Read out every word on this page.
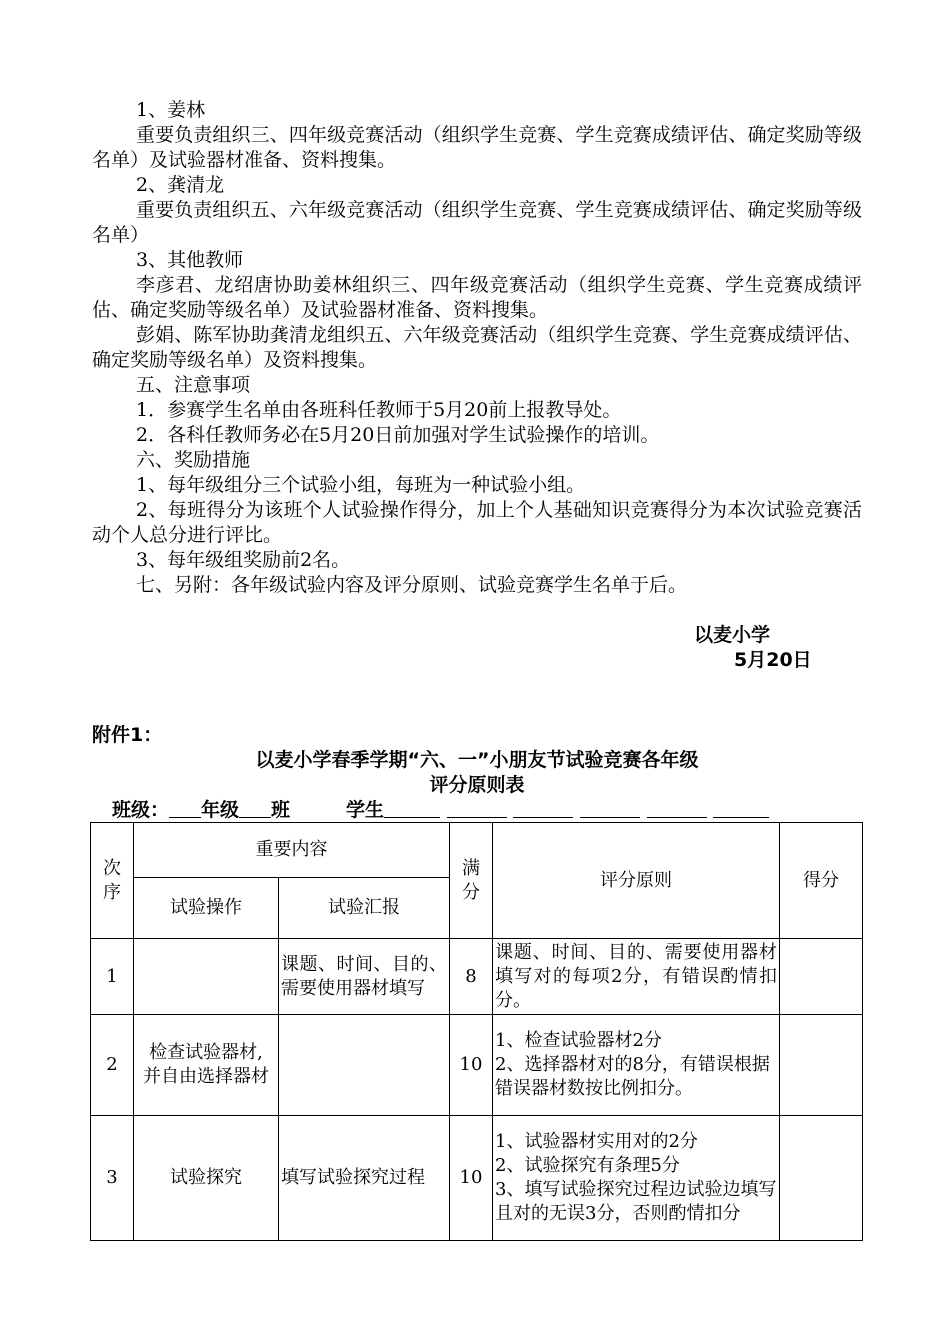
1、姜林
重要负责组织三、四年级竞赛活动（组织学生竞赛、学生竞赛成绩评估、确定奖励等级名单）及试验器材准备、资料搜集。
2、龚清龙
重要负责组织五、六年级竞赛活动（组织学生竞赛、学生竞赛成绩评估、确定奖励等级名单）
3、其他教师
李彦君、龙绍唐协助姜林组织三、四年级竞赛活动（组织学生竞赛、学生竞赛成绩评估、确定奖励等级名单）及试验器材准备、资料搜集。
彭娟、陈军协助龚清龙组织五、六年级竞赛活动（组织学生竞赛、学生竞赛成绩评估、确定奖励等级名单）及资料搜集。
五、注意事项
1．参赛学生名单由各班科任教师于5月20前上报教导处。
2．各科任教师务必在5月20日前加强对学生试验操作的培训。
六、奖励措施
1、每年级组分三个试验小组，每班为一种试验小组。
2、每班得分为该班个人试验操作得分，加上个人基础知识竞赛得分为本次试验竞赛活动个人总分进行评比。
3、每年级组奖励前2名。
七、另附：各年级试验内容及评分原则、试验竞赛学生名单于后。
以麦小学
5月20日
附件1：
以麦小学春季学期“六、一”小朋友节试验竞赛各年级
评分原则表
班级： 年级 班	学生
次序	重要内容		满分	评分原则	得分
	试验操作	试验汇报			
1		课题、时间、目的、需要使用器材填写	8	课题、时间、目的、需要使用器材填写对的每项2分，有错误酌情扣分。	
2	检查试验器材,并自由选择器材		10	1、检查试验器材2分
2、选择器材对的8分，有错误根据错误器材数按比例扣分。	
3	试验探究	填写试验探究过程	10	1、试验器材实用对的2分
2、试验探究有条理5分
3、填写试验探究过程边试验边填写且对的无误3分，否则酌情扣分	
